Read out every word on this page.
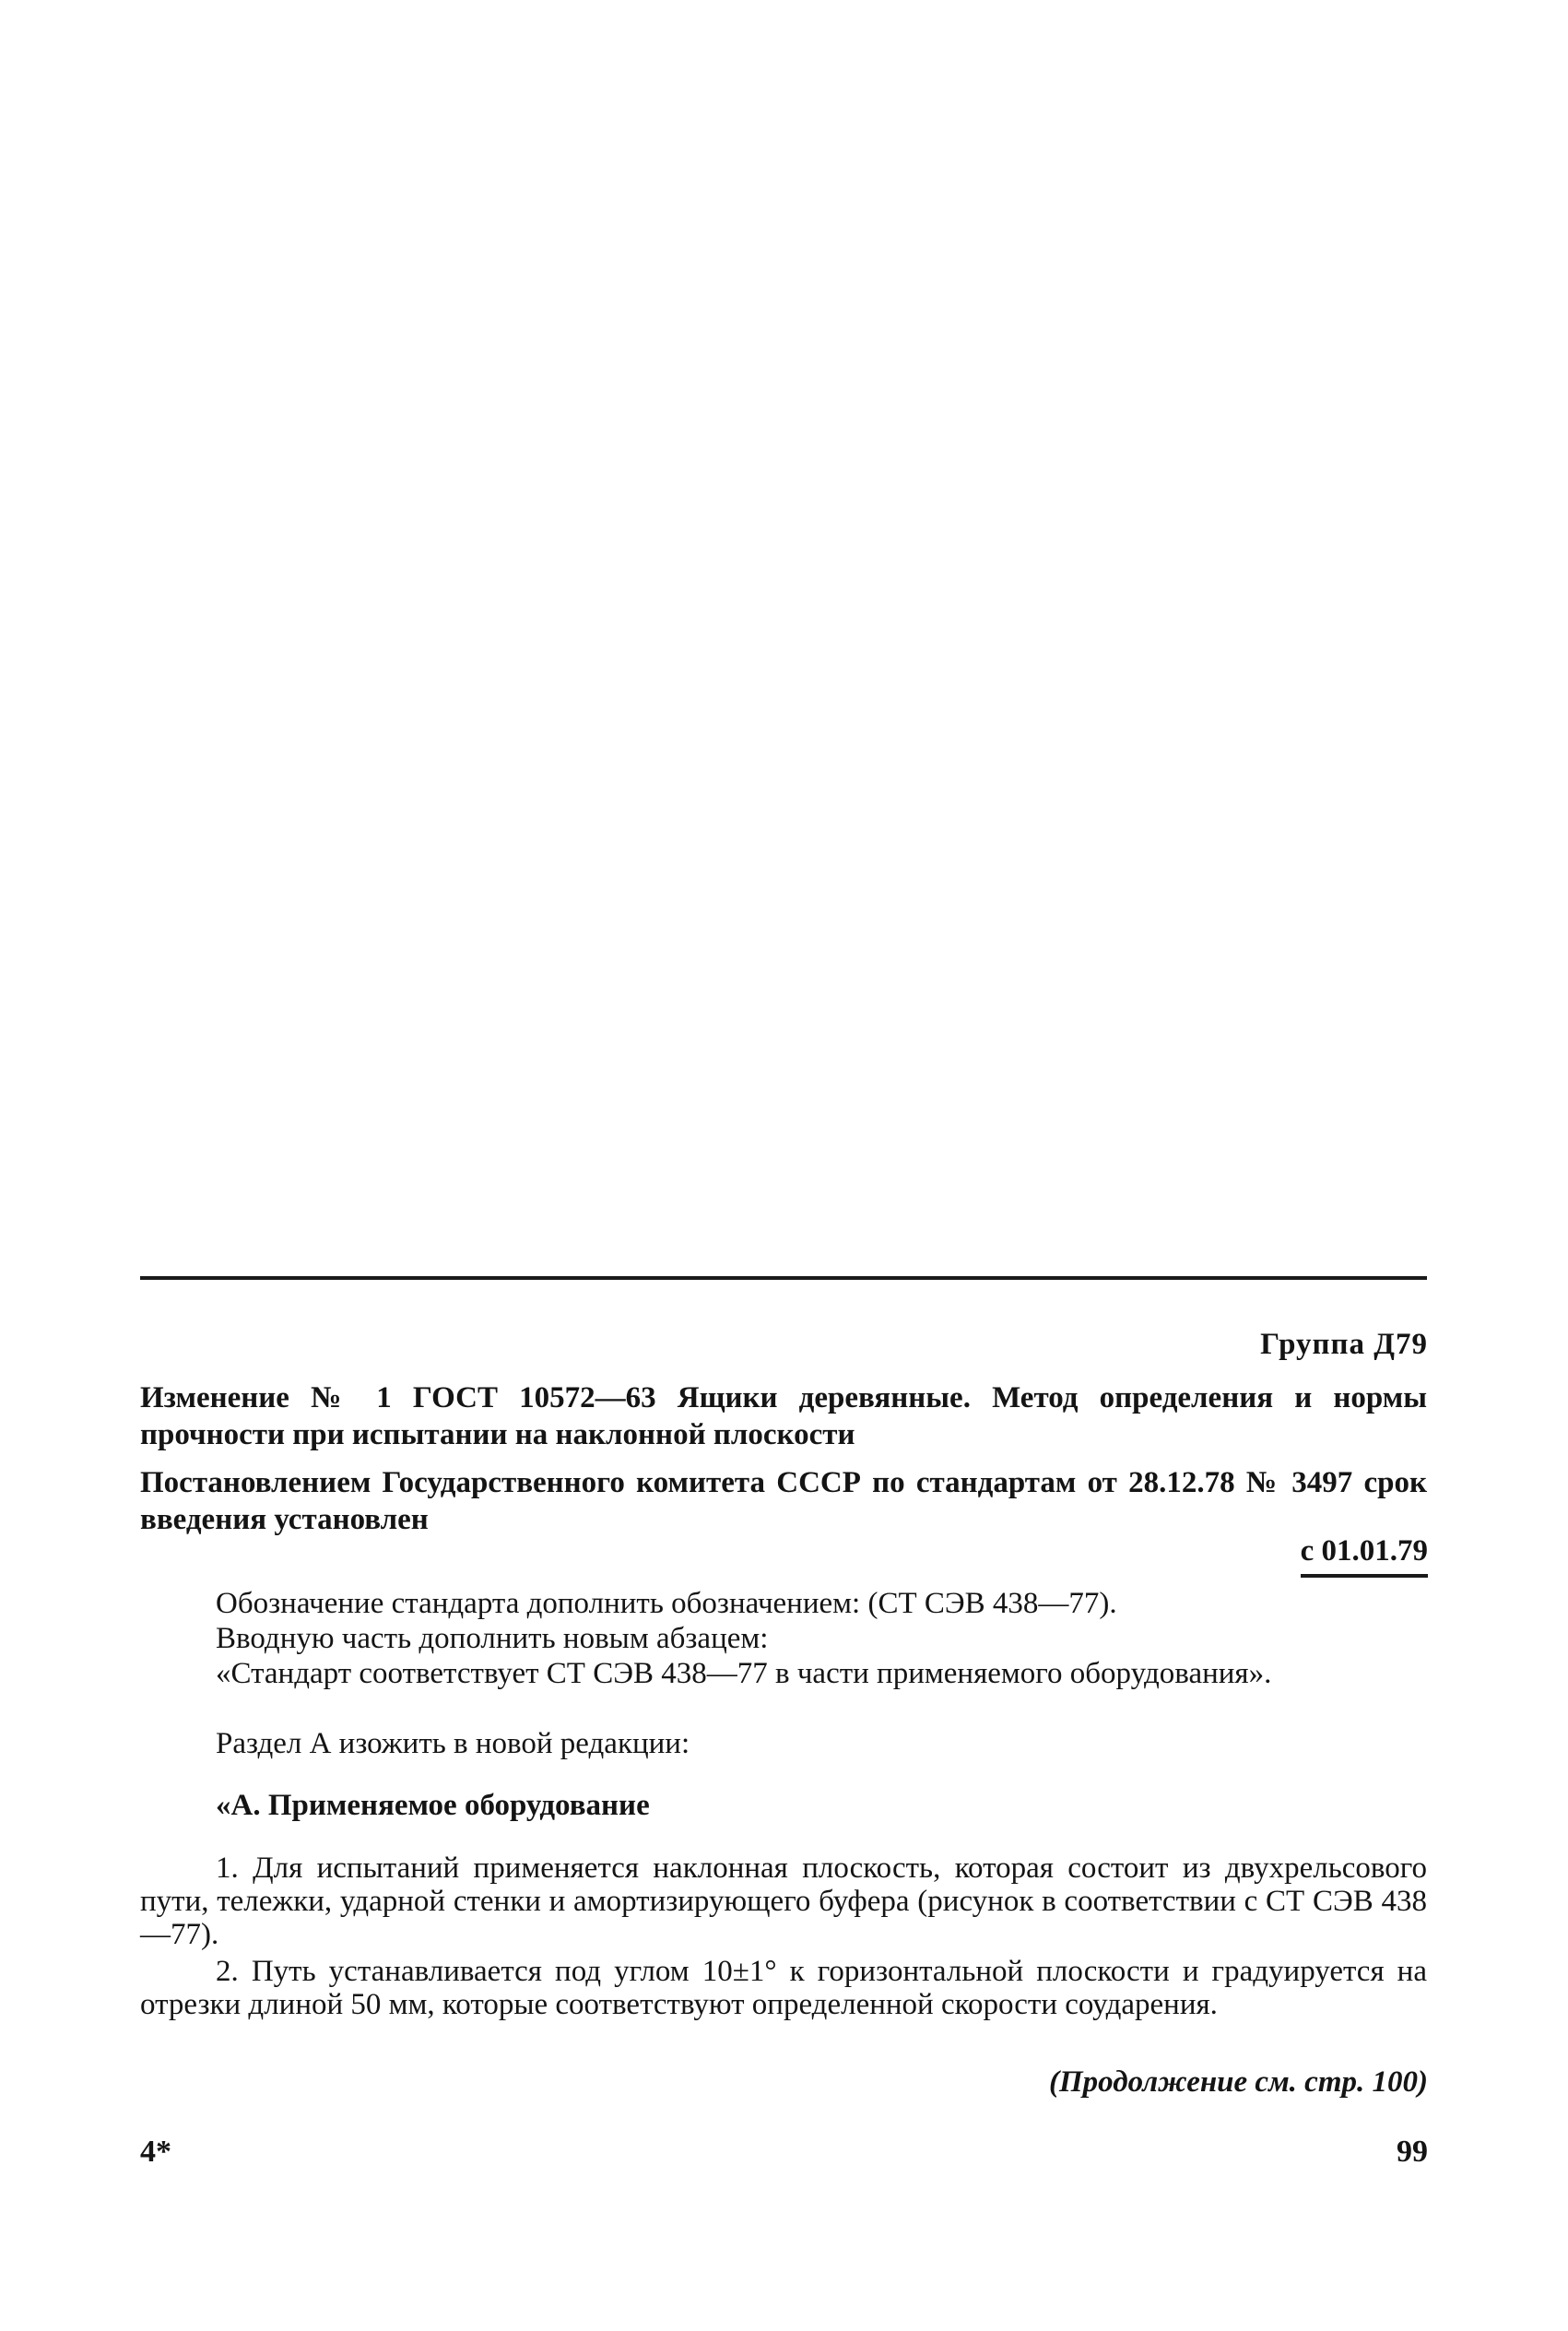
Группа Д79
Изменение № 1 ГОСТ 10572—63 Ящики деревянные. Метод определения и нормы прочности при испытании на наклонной плоскости
Постановлением Государственного комитета СССР по стандартам от 28.12.78 № 3497 срок введения установлен
с 01.01.79
Обозначение стандарта дополнить обозначением: (СТ СЭВ 438—77).
Вводную часть дополнить новым абзацем:
«Стандарт соответствует СТ СЭВ 438—77 в части применяемого оборудования».
Раздел А изожить в новой редакции:
«А. Применяемое оборудование
1. Для испытаний применяется наклонная плоскость, которая состоит из двухрельсового пути, тележки, ударной стенки и амортизирующего буфера (рисунок в соответствии с СТ СЭВ 438—77).
2. Путь устанавливается под углом 10±1° к горизонтальной плоскости и градуируется на отрезки длиной 50 мм, которые соответствуют определенной скорости соударения.
(Продолжение см. стр. 100)
4*	99
